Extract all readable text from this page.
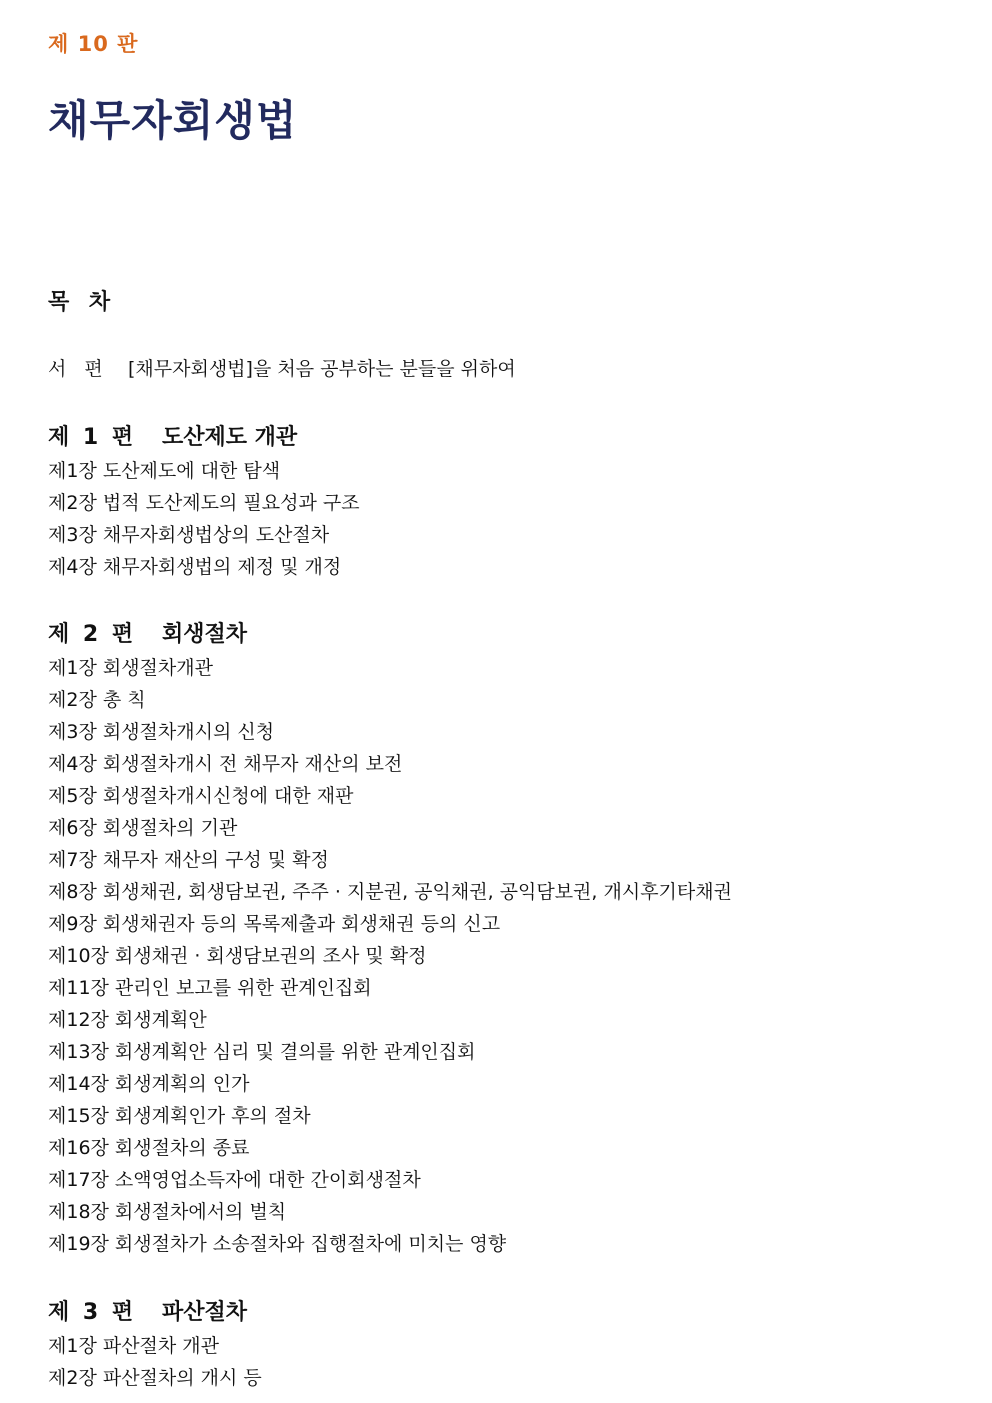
제 10 판
채무자회생법
목 차
서 편 [채무자회생법]을 처음 공부하는 분들을 위하여
제 1 편 도산제도 개관
제1장 도산제도에 대한 탐색
제2장 법적 도산제도의 필요성과 구조
제3장 채무자회생법상의 도산절차
제4장 채무자회생법의 제정 및 개정
제 2 편 회생절차
제1장 회생절차개관
제2장 총 칙
제3장 회생절차개시의 신청
제4장 회생절차개시 전 채무자 재산의 보전
제5장 회생절차개시신청에 대한 재판
제6장 회생절차의 기관
제7장 채무자 재산의 구성 및 확정
제8장 회생채권, 회생담보권, 주주 · 지분권, 공익채권, 공익담보권, 개시후기타채권
제9장 회생채권자 등의 목록제출과 회생채권 등의 신고
제10장 회생채권 · 회생담보권의 조사 및 확정
제11장 관리인 보고를 위한 관계인집회
제12장 회생계획안
제13장 회생계획안 심리 및 결의를 위한 관계인집회
제14장 회생계획의 인가
제15장 회생계획인가 후의 절차
제16장 회생절차의 종료
제17장 소액영업소득자에 대한 간이회생절차
제18장 회생절차에서의 벌칙
제19장 회생절차가 소송절차와 집행절차에 미치는 영향
제 3 편 파산절차
제1장 파산절차 개관
제2장 파산절차의 개시 등
